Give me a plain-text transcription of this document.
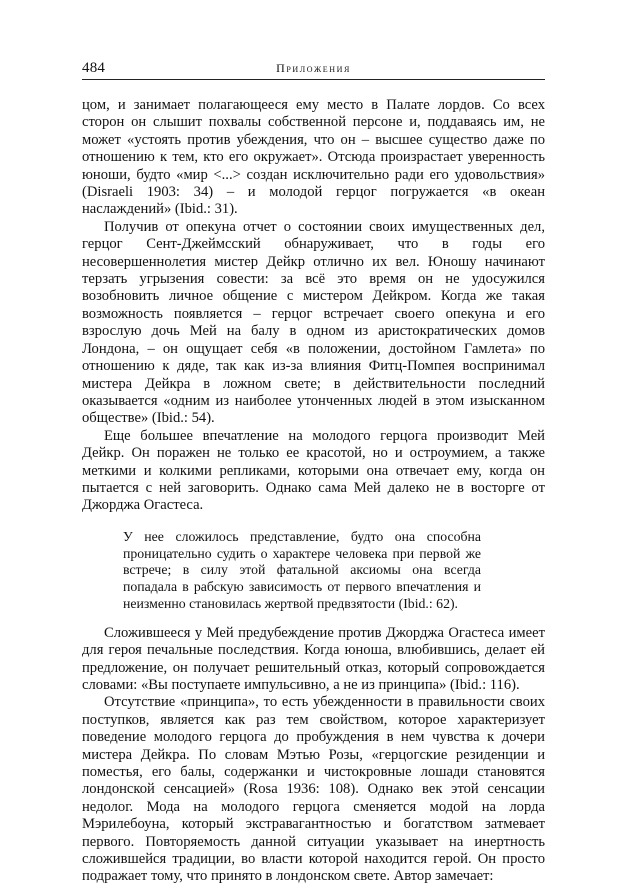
484	Приложения

цом, и занимает полагающееся ему место в Палате лордов. Со всех сторон он слышит похвалы собственной персоне и, поддаваясь им, не может «устоять против убеждения, что он – высшее существо даже по отношению к тем, кто его окружает». Отсюда произрастает уверенность юноши, будто «мир <...> создан исключительно ради его удовольствия» (Disraeli 1903: 34) – и молодой герцог погружается «в океан наслаждений» (Ibid.: 31).

Получив от опекуна отчет о состоянии своих имущественных дел, герцог Сент-Джеймсский обнаруживает, что в годы его несовершеннолетия мистер Дейкр отлично их вел. Юношу начинают терзать угрызения совести: за всё это время он не удосужился возобновить личное общение с мистером Дейкром. Когда же такая возможность появляется – герцог встречает своего опекуна и его взрослую дочь Мей на балу в одном из аристократических домов Лондона, – он ощущает себя «в положении, достойном Гамлета» по отношению к дяде, так как из-за влияния Фитц-Помпея воспринимал мистера Дейкра в ложном свете; в действительности последний оказывается «одним из наиболее утонченных людей в этом изысканном обществе» (Ibid.: 54).

Еще большее впечатление на молодого герцога производит Мей Дейкр. Он поражен не только ее красотой, но и остроумием, а также меткими и колкими репликами, которыми она отвечает ему, когда он пытается с ней заговорить. Однако сама Мей далеко не в восторге от Джорджа Огастеса.

У нее сложилось представление, будто она способна проницательно судить о характере человека при первой же встрече; в силу этой фатальной аксиомы она всегда попадала в рабскую зависимость от первого впечатления и неизменно становилась жертвой предвзятости (Ibid.: 62).

Сложившееся у Мей предубеждение против Джорджа Огастеса имеет для героя печальные последствия. Когда юноша, влюбившись, делает ей предложение, он получает решительный отказ, который сопровождается словами: «Вы поступаете импульсивно, а не из принципа» (Ibid.: 116).

Отсутствие «принципа», то есть убежденности в правильности своих поступков, является как раз тем свойством, которое характеризует поведение молодого герцога до пробуждения в нем чувства к дочери мистера Дейкра. По словам Мэтью Розы, «герцогские резиденции и поместья, его балы, содержанки и чистокровные лошади становятся лондонской сенсацией» (Rosa 1936: 108). Однако век этой сенсации недолог. Мода на молодого герцога сменяется модой на лорда Мэрилебоуна, который экстравагантностью и богатством затмевает первого. Повторяемость данной ситуации указывает на инертность сложившейся традиции, во власти которой находится герой. Он просто подражает тому, что принято в лондонском свете. Автор замечает:
